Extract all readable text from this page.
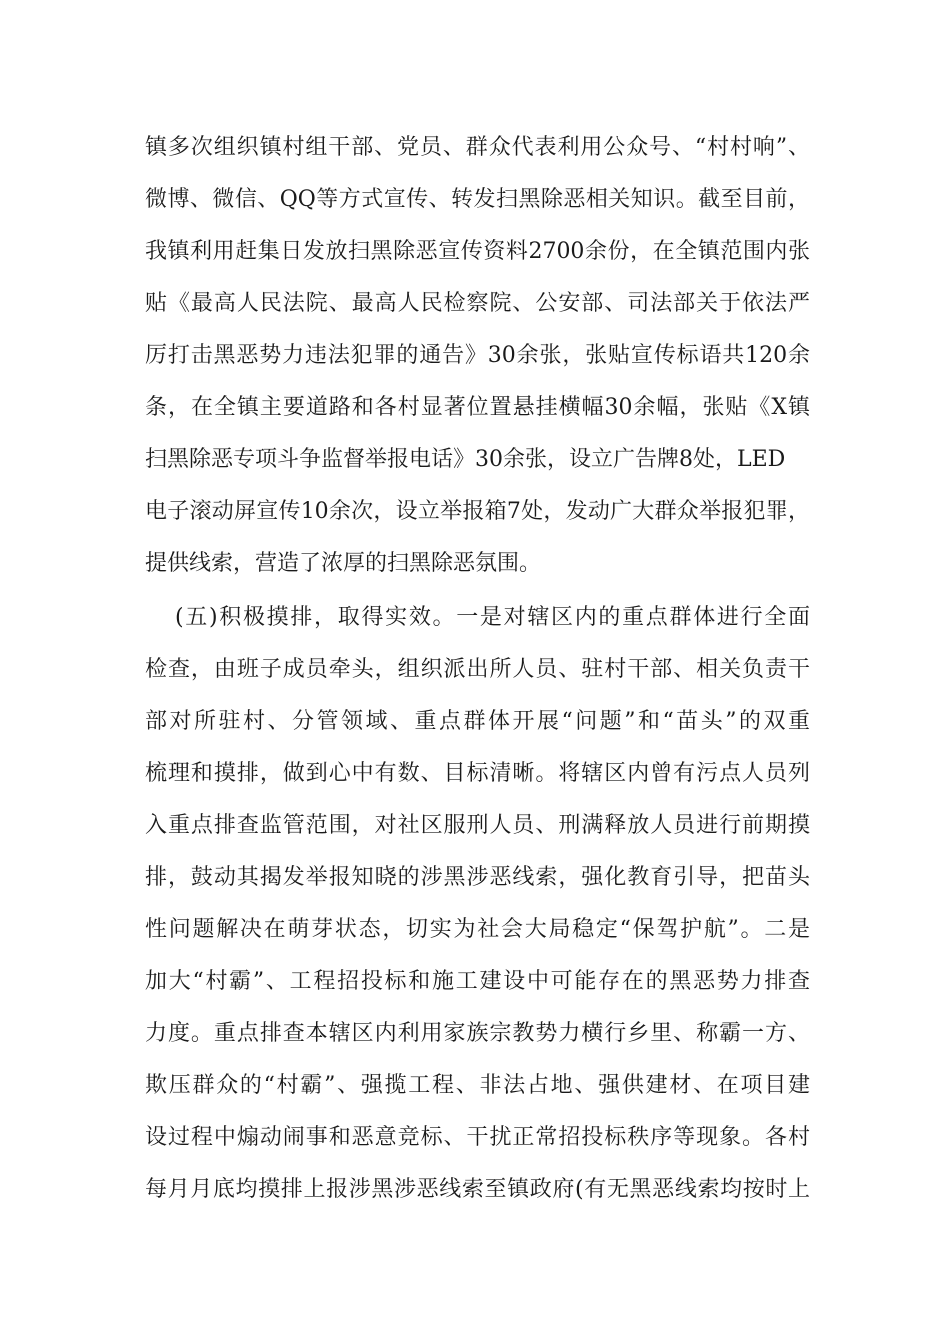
镇多次组织镇村组干部、党员、群众代表利用公众号、“村村响”、
微博、微信、QQ等方式宣传、转发扫黑除恶相关知识。截至目前，
我镇利用赶集日发放扫黑除恶宣传资料2700余份，在全镇范围内张
贴《最高人民法院、最高人民检察院、公安部、司法部关于依法严
厉打击黑恶势力违法犯罪的通告》30余张，张贴宣传标语共120余
条，在全镇主要道路和各村显著位置悬挂横幅30余幅，张贴《X镇
扫黑除恶专项斗争监督举报电话》30余张，设立广告牌8处，LED
电子滚动屏宣传10余次，设立举报箱7处，发动广大群众举报犯罪，
提供线索，营造了浓厚的扫黑除恶氛围。
(五)积极摸排，取得实效。一是对辖区内的重点群体进行全面
检查，由班子成员牵头，组织派出所人员、驻村干部、相关负责干
部对所驻村、分管领域、重点群体开展“问题”和“苗头”的双重
梳理和摸排，做到心中有数、目标清晰。将辖区内曾有污点人员列
入重点排查监管范围，对社区服刑人员、刑满释放人员进行前期摸
排，鼓动其揭发举报知晓的涉黑涉恶线索，强化教育引导，把苗头
性问题解决在萌芽状态，切实为社会大局稳定“保驾护航”。二是
加大“村霸”、工程招投标和施工建设中可能存在的黑恶势力排查
力度。重点排查本辖区内利用家族宗教势力横行乡里、称霸一方、
欺压群众的“村霸”、强揽工程、非法占地、强供建材、在项目建
设过程中煽动闹事和恶意竞标、干扰正常招投标秩序等现象。各村
每月月底均摸排上报涉黑涉恶线索至镇政府(有无黑恶线索均按时上
